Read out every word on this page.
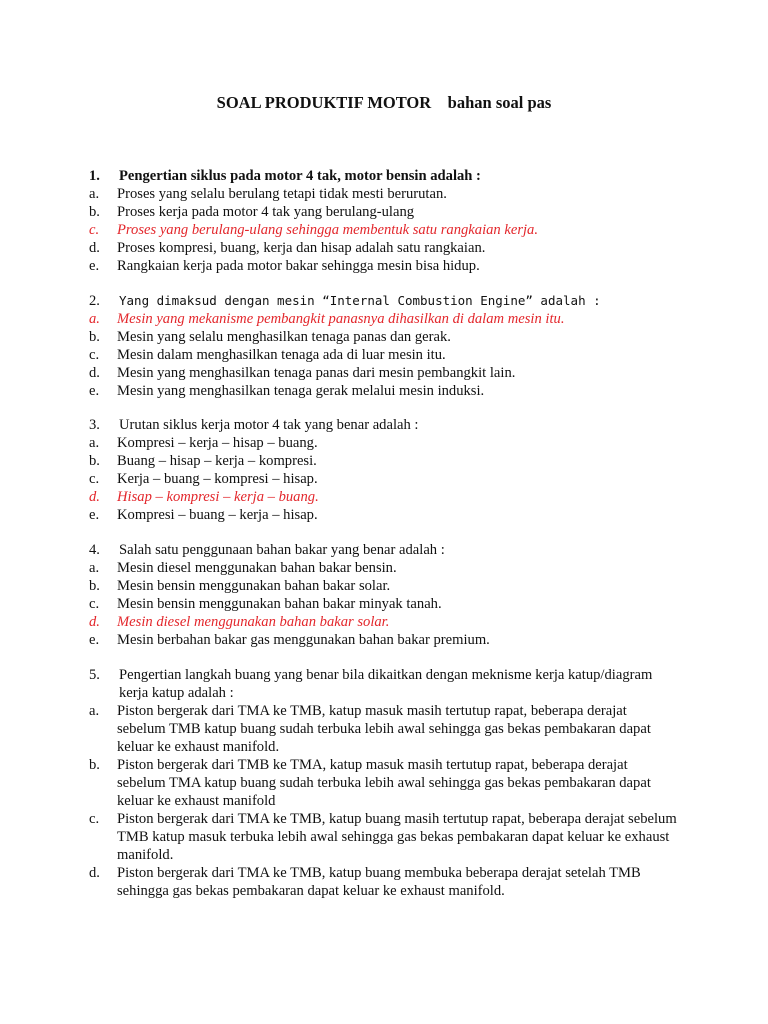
SOAL PRODUKTIF MOTOR    bahan soal pas
1. Pengertian siklus pada motor 4 tak, motor bensin adalah :
a. Proses yang selalu berulang tetapi tidak mesti berurutan.
b. Proses kerja pada motor 4 tak yang berulang-ulang
c. Proses yang berulang-ulang sehingga membentuk satu rangkaian kerja.
d. Proses kompresi, buang, kerja dan hisap adalah satu rangkaian.
e. Rangkaian kerja pada motor bakar sehingga mesin bisa hidup.
2. Yang dimaksud dengan mesin “Internal Combustion Engine” adalah :
a. Mesin yang mekanisme pembangkit panasnya dihasilkan di dalam mesin itu.
b. Mesin yang selalu menghasilkan tenaga panas dan gerak.
c. Mesin dalam menghasilkan tenaga ada di luar mesin itu.
d. Mesin yang menghasilkan tenaga panas dari mesin pembangkit lain.
e. Mesin yang menghasilkan tenaga gerak melalui mesin induksi.
3. Urutan siklus kerja motor 4 tak yang benar adalah :
a. Kompresi – kerja – hisap – buang.
b. Buang – hisap – kerja – kompresi.
c. Kerja – buang – kompresi – hisap.
d. Hisap – kompresi – kerja – buang.
e. Kompresi – buang – kerja – hisap.
4. Salah satu penggunaan bahan bakar yang benar adalah :
a. Mesin diesel menggunakan bahan bakar bensin.
b. Mesin bensin menggunakan bahan bakar solar.
c. Mesin bensin menggunakan bahan bakar minyak tanah.
d. Mesin diesel menggunakan bahan bakar solar.
e. Mesin berbahan bakar gas menggunakan bahan bakar premium.
5. Pengertian langkah buang yang benar bila dikaitkan dengan meknisme kerja katup/diagram
kerja katup adalah :
a. Piston bergerak dari TMA ke TMB, katup masuk masih tertutup rapat, beberapa derajat sebelum TMB katup buang sudah terbuka lebih awal sehingga gas bekas pembakaran dapat keluar ke exhaust manifold.
b. Piston bergerak dari TMB ke TMA, katup masuk masih tertutup rapat, beberapa derajat sebelum TMA katup buang sudah terbuka lebih awal sehingga gas bekas pembakaran dapat keluar ke exhaust manifold
c. Piston bergerak dari TMA ke TMB, katup buang masih tertutup rapat, beberapa derajat sebelum TMB katup masuk terbuka lebih awal sehingga gas bekas pembakaran dapat keluar ke exhaust manifold.
d. Piston bergerak dari TMA ke TMB, katup buang membuka beberapa derajat setelah TMB sehingga gas bekas pembakaran dapat keluar ke exhaust manifold.
